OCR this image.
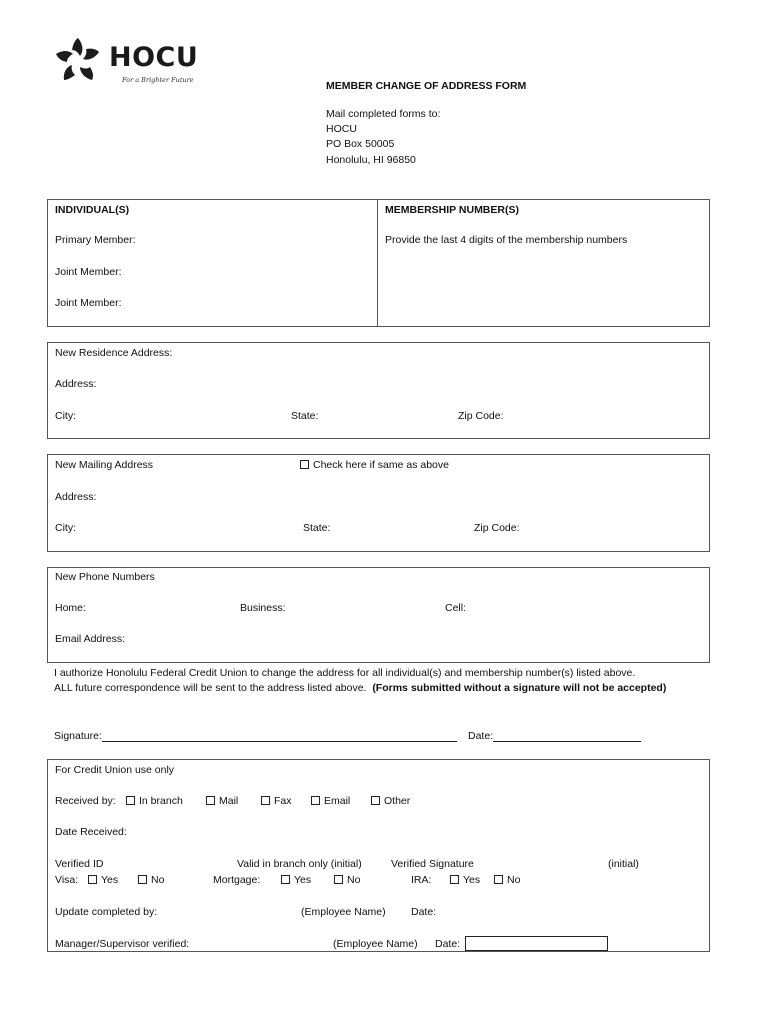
HOCU
For a Brighter Future	MEMBER CHANGE OF ADDRESS FORM
Mail completed forms to:
HOCU
PO Box 50005
Honolulu, HI 96850
INDIVIDUAL(S)
Primary Member:
Joint Member:
Joint Member:
MEMBERSHIP NUMBER(S)
Provide the last 4 digits of the membership numbers
New Residence Address:
Address:
City:	State:	Zip Code:
New Mailing Address	Check here if same as above
Address:
City:	State:	Zip Code:
New Phone Numbers
Home:	Business:	Cell:
Email Address:
I authorize Honolulu Federal Credit Union to change the address for all individual(s) and membership number(s) listed above.
ALL future correspondence will be sent to the address listed above. (Forms submitted without a signature will not be accepted)
Signature:	Date:
For Credit Union use only
Received by:	In branch	Mail	Fax	Email	Other
Date Received:
Verified ID	Valid in branch only (initial)	Verified Signature	(initial)
Visa:	Yes	No	Mortgage:	Yes	No	IRA:	Yes	No
Update completed by:	(Employee Name) Date:
Manager/Supervisor verified:	(Employee Name) Date:
